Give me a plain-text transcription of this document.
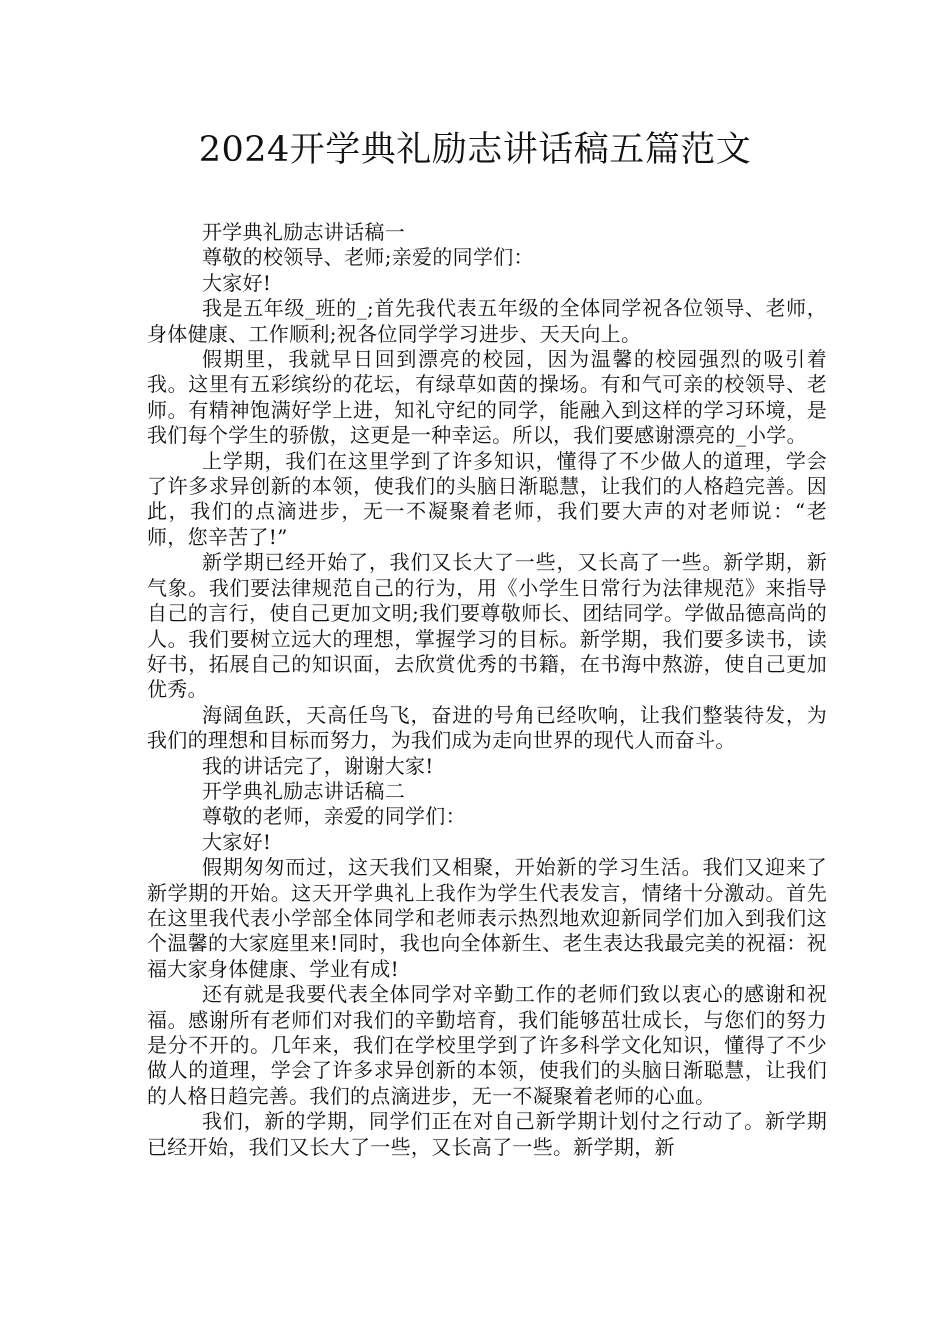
2024开学典礼励志讲话稿五篇范文

开学典礼励志讲话稿一

尊敬的校领导、老师;亲爱的同学们：

大家好!

我是五年级_班的_;首先我代表五年级的全体同学祝各位领导、老师，身体健康、工作顺利;祝各位同学学习进步、天天向上。

假期里，我就早日回到漂亮的校园，因为温馨的校园强烈的吸引着我。这里有五彩缤纷的花坛，有绿草如茵的操场。有和气可亲的校领导、老师。有精神饱满好学上进，知礼守纪的同学，能融入到这样的学习环境，是我们每个学生的骄傲，这更是一种幸运。所以，我们要感谢漂亮的_小学。

上学期，我们在这里学到了许多知识，懂得了不少做人的道理，学会了许多求异创新的本领，使我们的头脑日渐聪慧，让我们的人格趋完善。因此，我们的点滴进步，无一不凝聚着老师，我们要大声的对老师说：“老师，您辛苦了!”

新学期已经开始了，我们又长大了一些，又长高了一些。新学期，新气象。我们要法律规范自己的行为，用《小学生日常行为法律规范》来指导自己的言行，使自己更加文明;我们要尊敬师长、团结同学。学做品德高尚的人。我们要树立远大的理想，掌握学习的目标。新学期，我们要多读书，读好书，拓展自己的知识面，去欣赏优秀的书籍，在书海中熬游，使自己更加优秀。

海阔鱼跃，天高任鸟飞，奋进的号角已经吹响，让我们整装待发，为我们的理想和目标而努力，为我们成为走向世界的现代人而奋斗。

我的讲话完了，谢谢大家!

开学典礼励志讲话稿二

尊敬的老师，亲爱的同学们：

大家好!

假期匆匆而过，这天我们又相聚，开始新的学习生活。我们又迎来了新学期的开始。这天开学典礼上我作为学生代表发言，情绪十分激动。首先在这里我代表小学部全体同学和老师表示热烈地欢迎新同学们加入到我们这个温馨的大家庭里来!同时，我也向全体新生、老生表达我最完美的祝福：祝福大家身体健康、学业有成!

还有就是我要代表全体同学对辛勤工作的老师们致以衷心的感谢和祝福。感谢所有老师们对我们的辛勤培育，我们能够茁壮成长，与您们的努力是分不开的。几年来，我们在学校里学到了许多科学文化知识，懂得了不少做人的道理，学会了许多求异创新的本领，使我们的头脑日渐聪慧，让我们的人格日趋完善。我们的点滴进步，无一不凝聚着老师的心血。

我们，新的学期，同学们正在对自己新学期计划付之行动了。新学期已经开始，我们又长大了一些，又长高了一些。新学期，新
